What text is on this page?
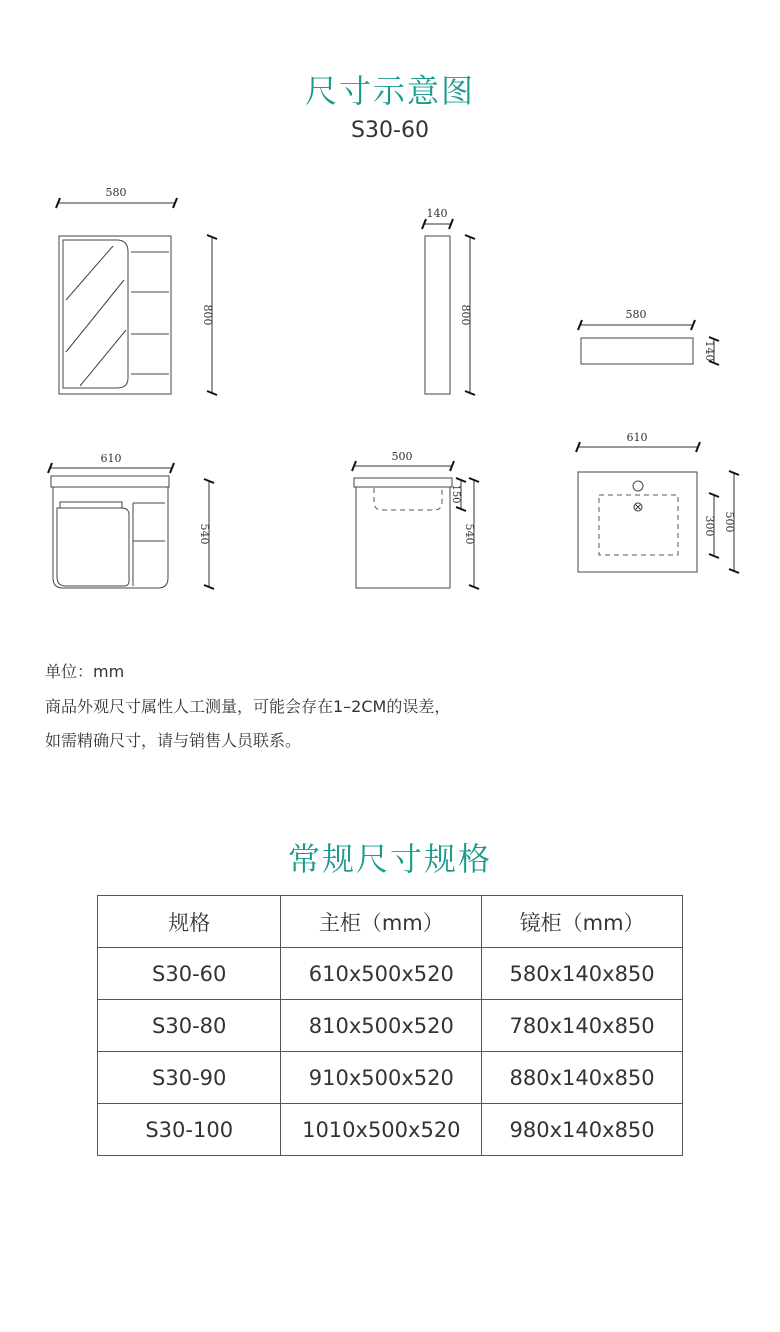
尺寸示意图
S30-60
580
800
140
800	580
140
610
540
500
150
540
610
300 500
单位：mm
商品外观尺寸属性人工测量，可能会存在1–2CM的误差，
如需精确尺寸，请与销售人员联系。
常规尺寸规格
规格	主柜（mm）	镜柜（mm）
S30-60	610x500x520	580x140x850
S30-80	810x500x520	780x140x850
S30-90	910x500x520	880x140x850
S30-100	1010x500x520	980x140x850
